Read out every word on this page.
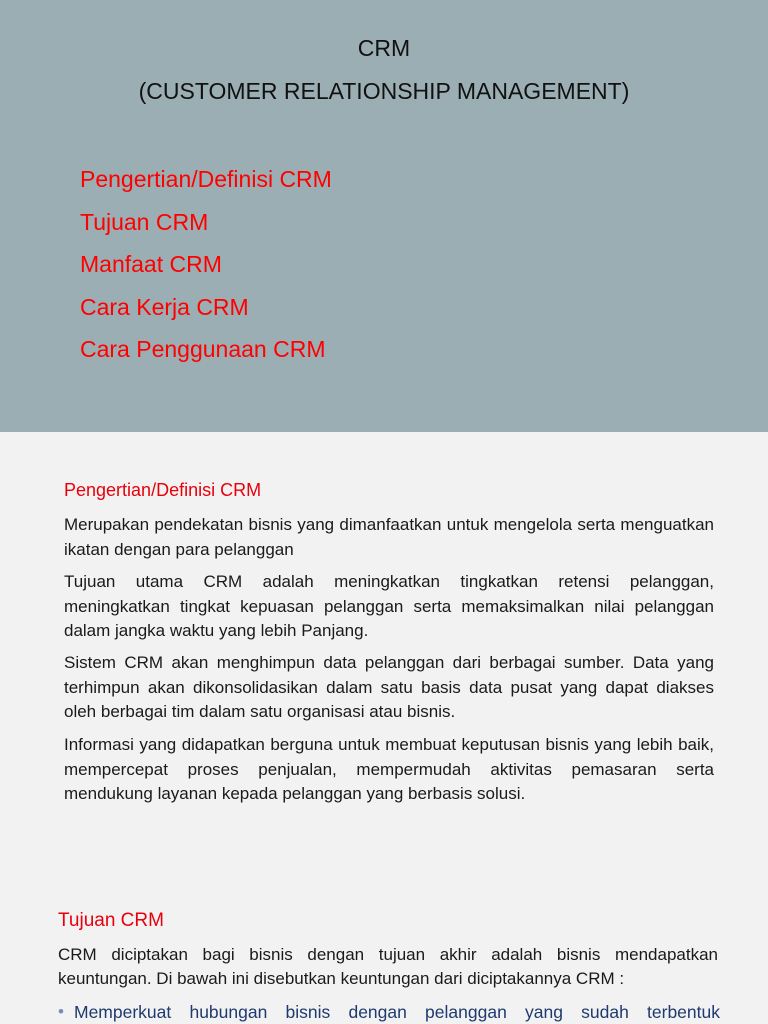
CRM
(CUSTOMER RELATIONSHIP MANAGEMENT)
Pengertian/Definisi CRM
Tujuan CRM
Manfaat CRM
Cara Kerja CRM
Cara Penggunaan CRM
Pengertian/Definisi CRM

Merupakan pendekatan bisnis yang dimanfaatkan untuk mengelola serta menguatkan ikatan dengan para pelanggan

Tujuan utama CRM adalah meningkatkan tingkatkan retensi pelanggan, meningkatkan tingkat kepuasan pelanggan serta memaksimalkan nilai pelanggan dalam jangka waktu yang lebih Panjang.

Sistem CRM akan menghimpun data pelanggan dari berbagai sumber. Data yang terhimpun akan dikonsolidasikan dalam satu basis data pusat yang dapat diakses oleh berbagai tim dalam satu organisasi atau bisnis.

Informasi yang didapatkan berguna untuk membuat keputusan bisnis yang lebih baik, mempercepat proses penjualan, mempermudah aktivitas pemasaran serta mendukung layanan kepada pelanggan yang berbasis solusi.

Tujuan CRM

CRM diciptakan bagi bisnis dengan tujuan akhir adalah bisnis mendapatkan keuntungan. Di bawah ini disebutkan keuntungan dari diciptakannya CRM :

• Memperkuat hubungan bisnis dengan pelanggan yang sudah terbentuk
